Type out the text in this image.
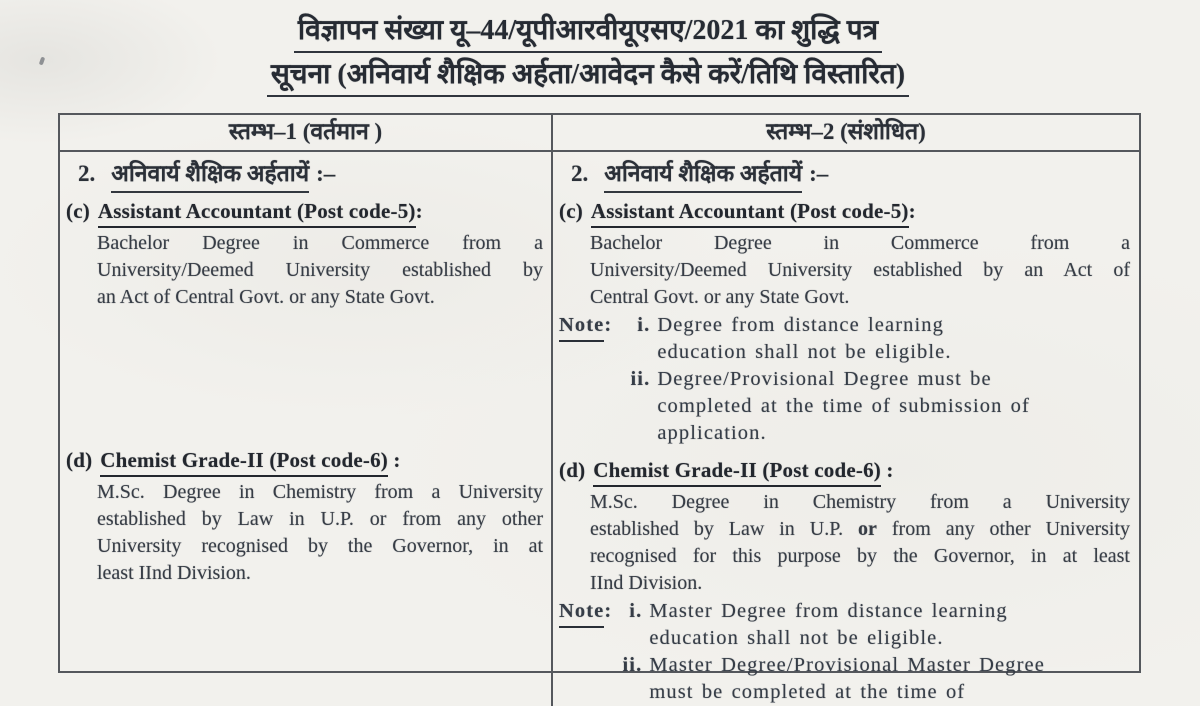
विज्ञापन संख्या यू–44/यूपीआरवीयूएसए/2021 का शुद्धि पत्र
सूचना (अनिवार्य शैक्षिक अर्हता/आवेदन कैसे करें/तिथि विस्तारित)
स्तम्भ–1 (वर्तमान )	स्तम्भ–2 (संशोधित)
2. अनिवार्य शैक्षिक अर्हतायें :–
(c) Assistant Accountant (Post code-5):
Bachelor Degree in Commerce from a
University/Deemed University established by
an Act of Central Govt. or any State Govt.
(d) Chemist Grade-II (Post code-6) :
M.Sc. Degree in Chemistry from a University
established by Law in U.P. or from any other
University recognised by the Governor, in at
least IInd Division.
2. अनिवार्य शैक्षिक अर्हतायें :–
(c) Assistant Accountant (Post code-5):
Bachelor Degree in Commerce from a
University/Deemed University established by an Act of
Central Govt. or any State Govt.
Note:	i. Degree from distance learning
education shall not be eligible.
ii. Degree/Provisional Degree must be
completed at the time of submission of
application.
(d) Chemist Grade-II (Post code-6) :
M.Sc. Degree in Chemistry from a University
established by Law in U.P. or from any other University
recognised for this purpose by the Governor, in at least
IInd Division.
Note: i. Master Degree from distance learning
education shall not be eligible.
ii. Master Degree/Provisional Master Degree
must be completed at the time of
